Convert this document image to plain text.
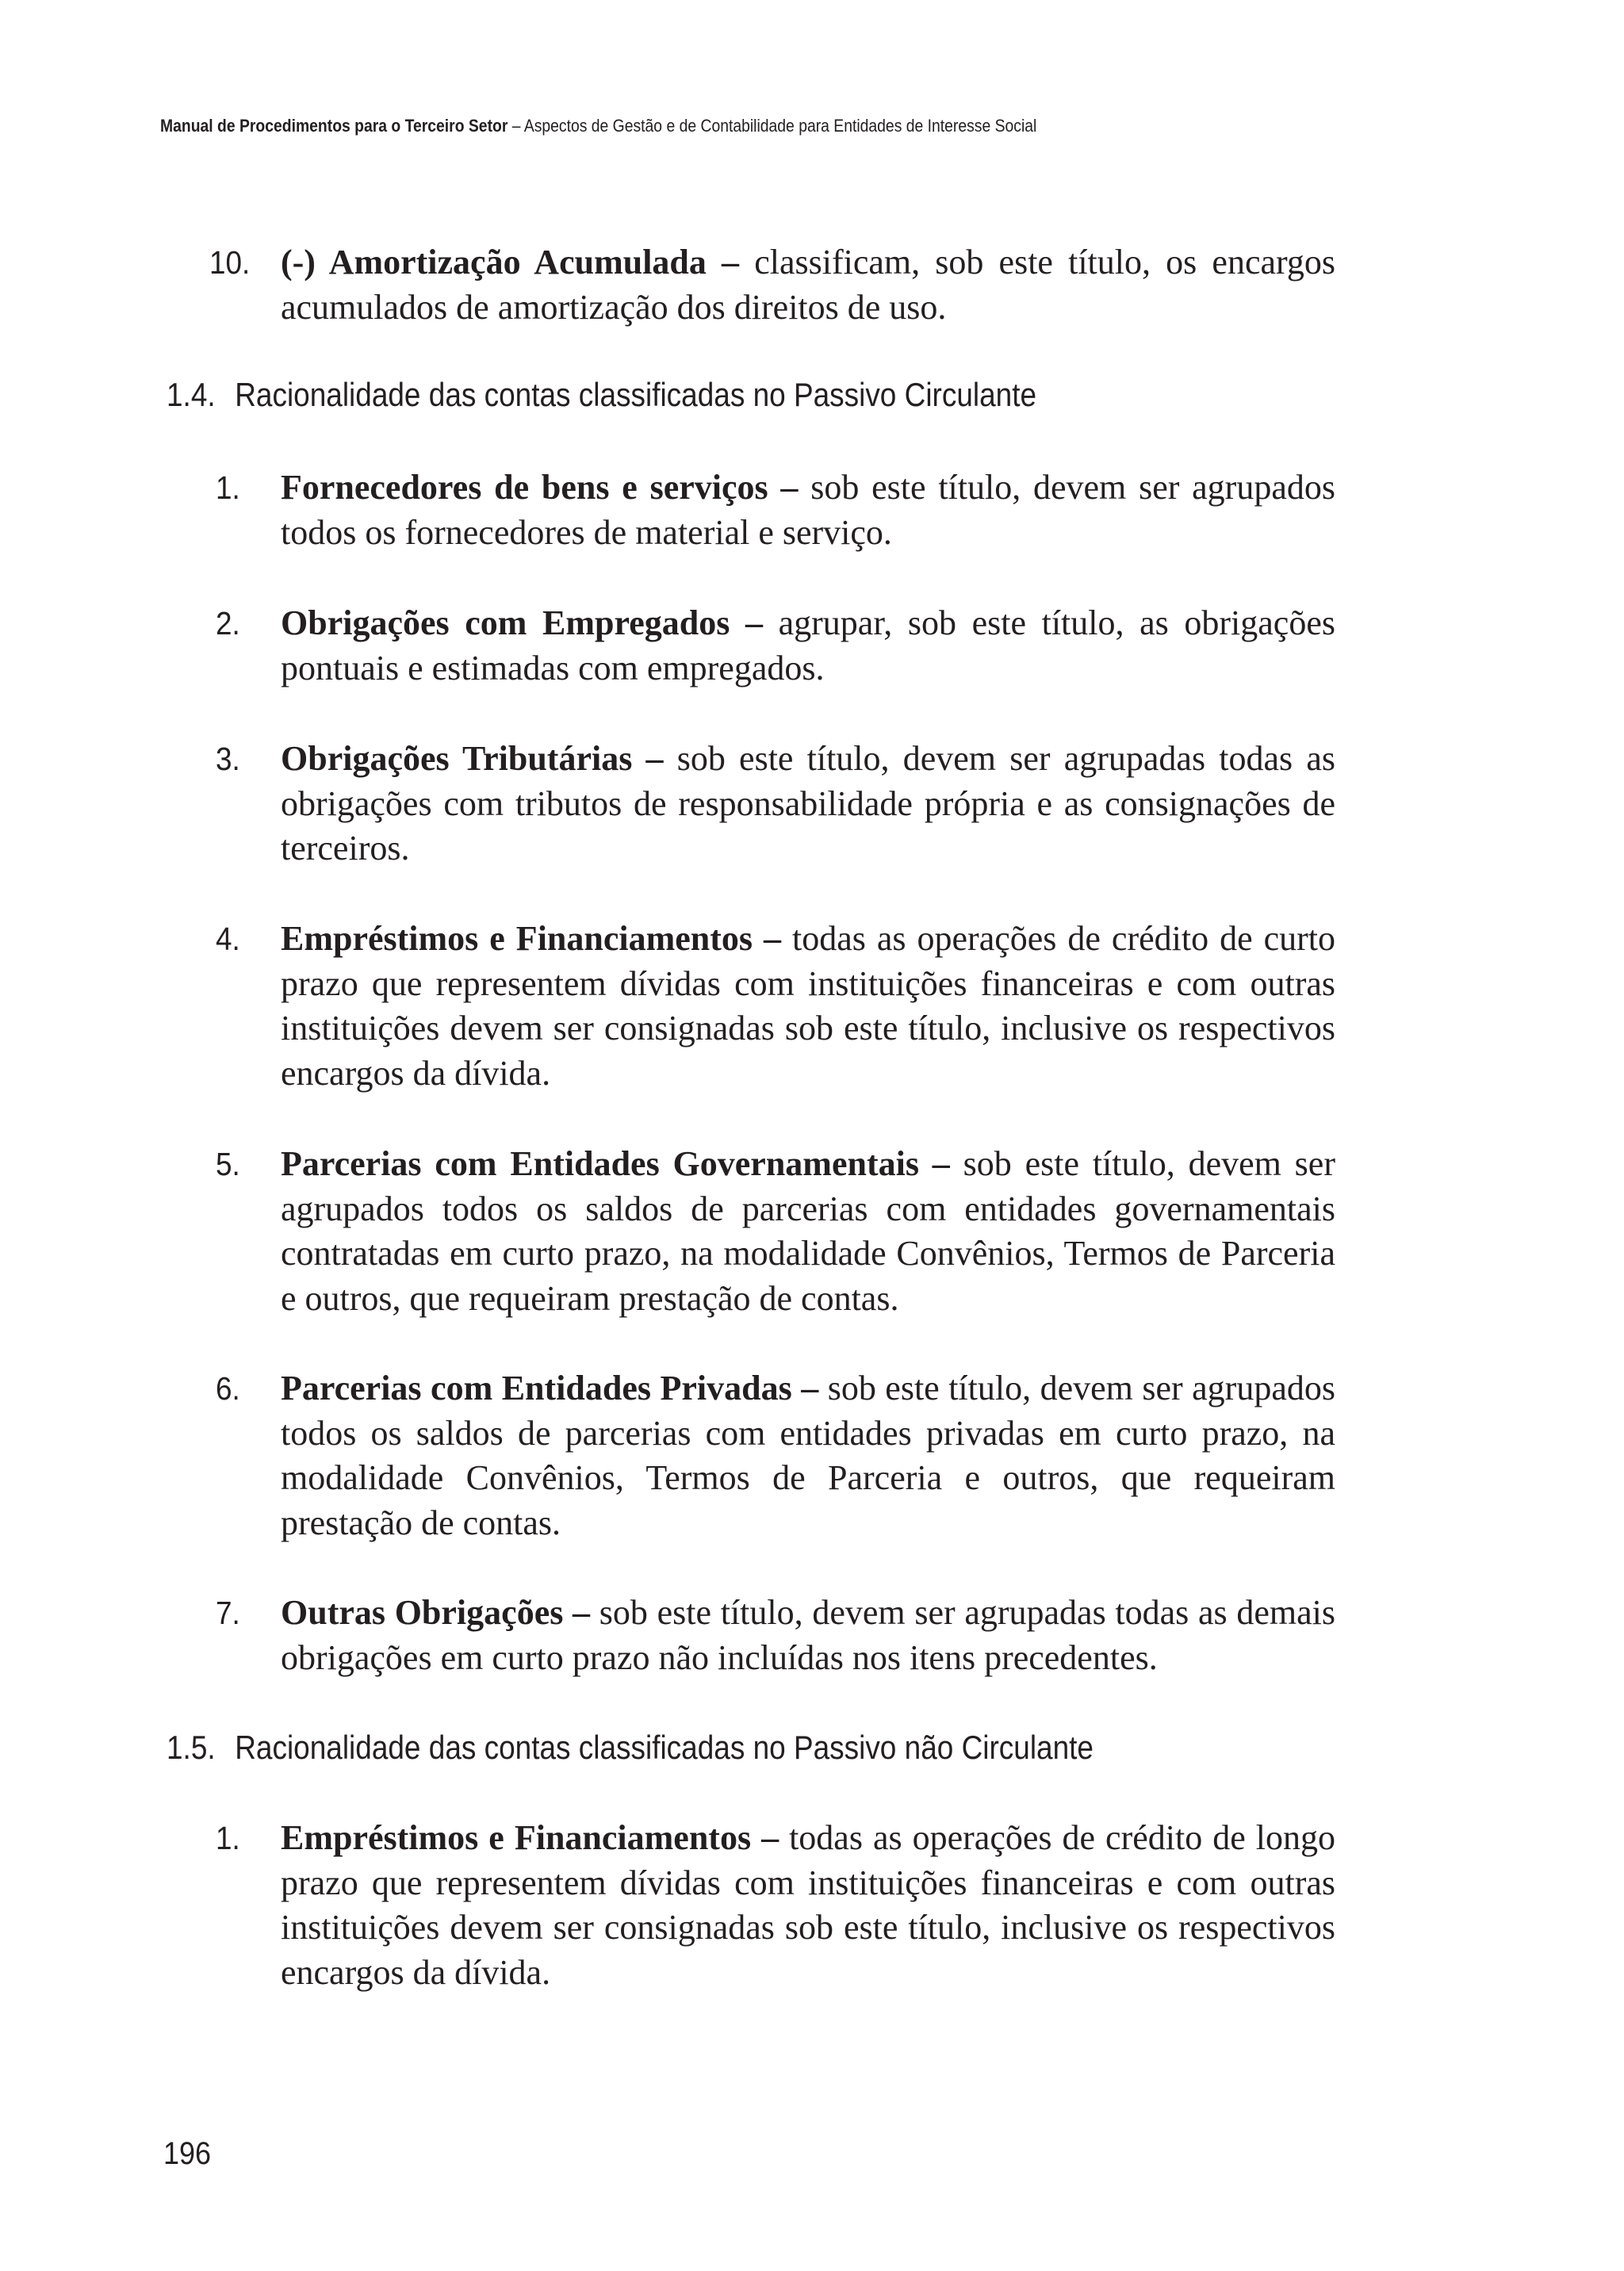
Manual de Procedimentos para o Terceiro Setor – Aspectos de Gestão e de Contabilidade para Entidades de Interesse Social
10. (-) Amortização Acumulada – classificam, sob este título, os encargos acumulados de amortização dos direitos de uso.

1.4. Racionalidade das contas classificadas no Passivo Circulante
1.	Fornecedores de bens e serviços – sob este título, devem ser agrupados todos os fornecedores de material e serviço.

2.	Obrigações com Empregados – agrupar, sob este título, as obrigações pontuais e estimadas com empregados.

3.	Obrigações Tributárias – sob este título, devem ser agrupadas todas as obrigações com tributos de responsabilidade própria e as consignações de terceiros.

4.	Empréstimos e Financiamentos – todas as operações de crédito de curto prazo que representem dívidas com instituições financeiras e com outras instituições devem ser consignadas sob este título, inclusive os respectivos encargos da dívida.

5.	Parcerias com Entidades Governamentais – sob este título, devem ser agrupados todos os saldos de parcerias com entidades governamentais contratadas em curto prazo, na modalidade Convênios, Termos de Parceria e outros, que requeiram prestação de contas.

6.	Parcerias com Entidades Privadas – sob este título, devem ser agrupados todos os saldos de parcerias com entidades privadas em curto prazo, na modalidade Convênios, Termos de Parceria e outros, que requeiram prestação de contas.

7.	Outras Obrigações – sob este título, devem ser agrupadas todas as demais obrigações em curto prazo não incluídas nos itens precedentes.

1.5. Racionalidade das contas classificadas no Passivo não Circulante
1.	Empréstimos e Financiamentos – todas as operações de crédito de longo prazo que representem dívidas com instituições financeiras e com outras instituições devem ser consignadas sob este título, inclusive os respectivos encargos da dívida.

196
